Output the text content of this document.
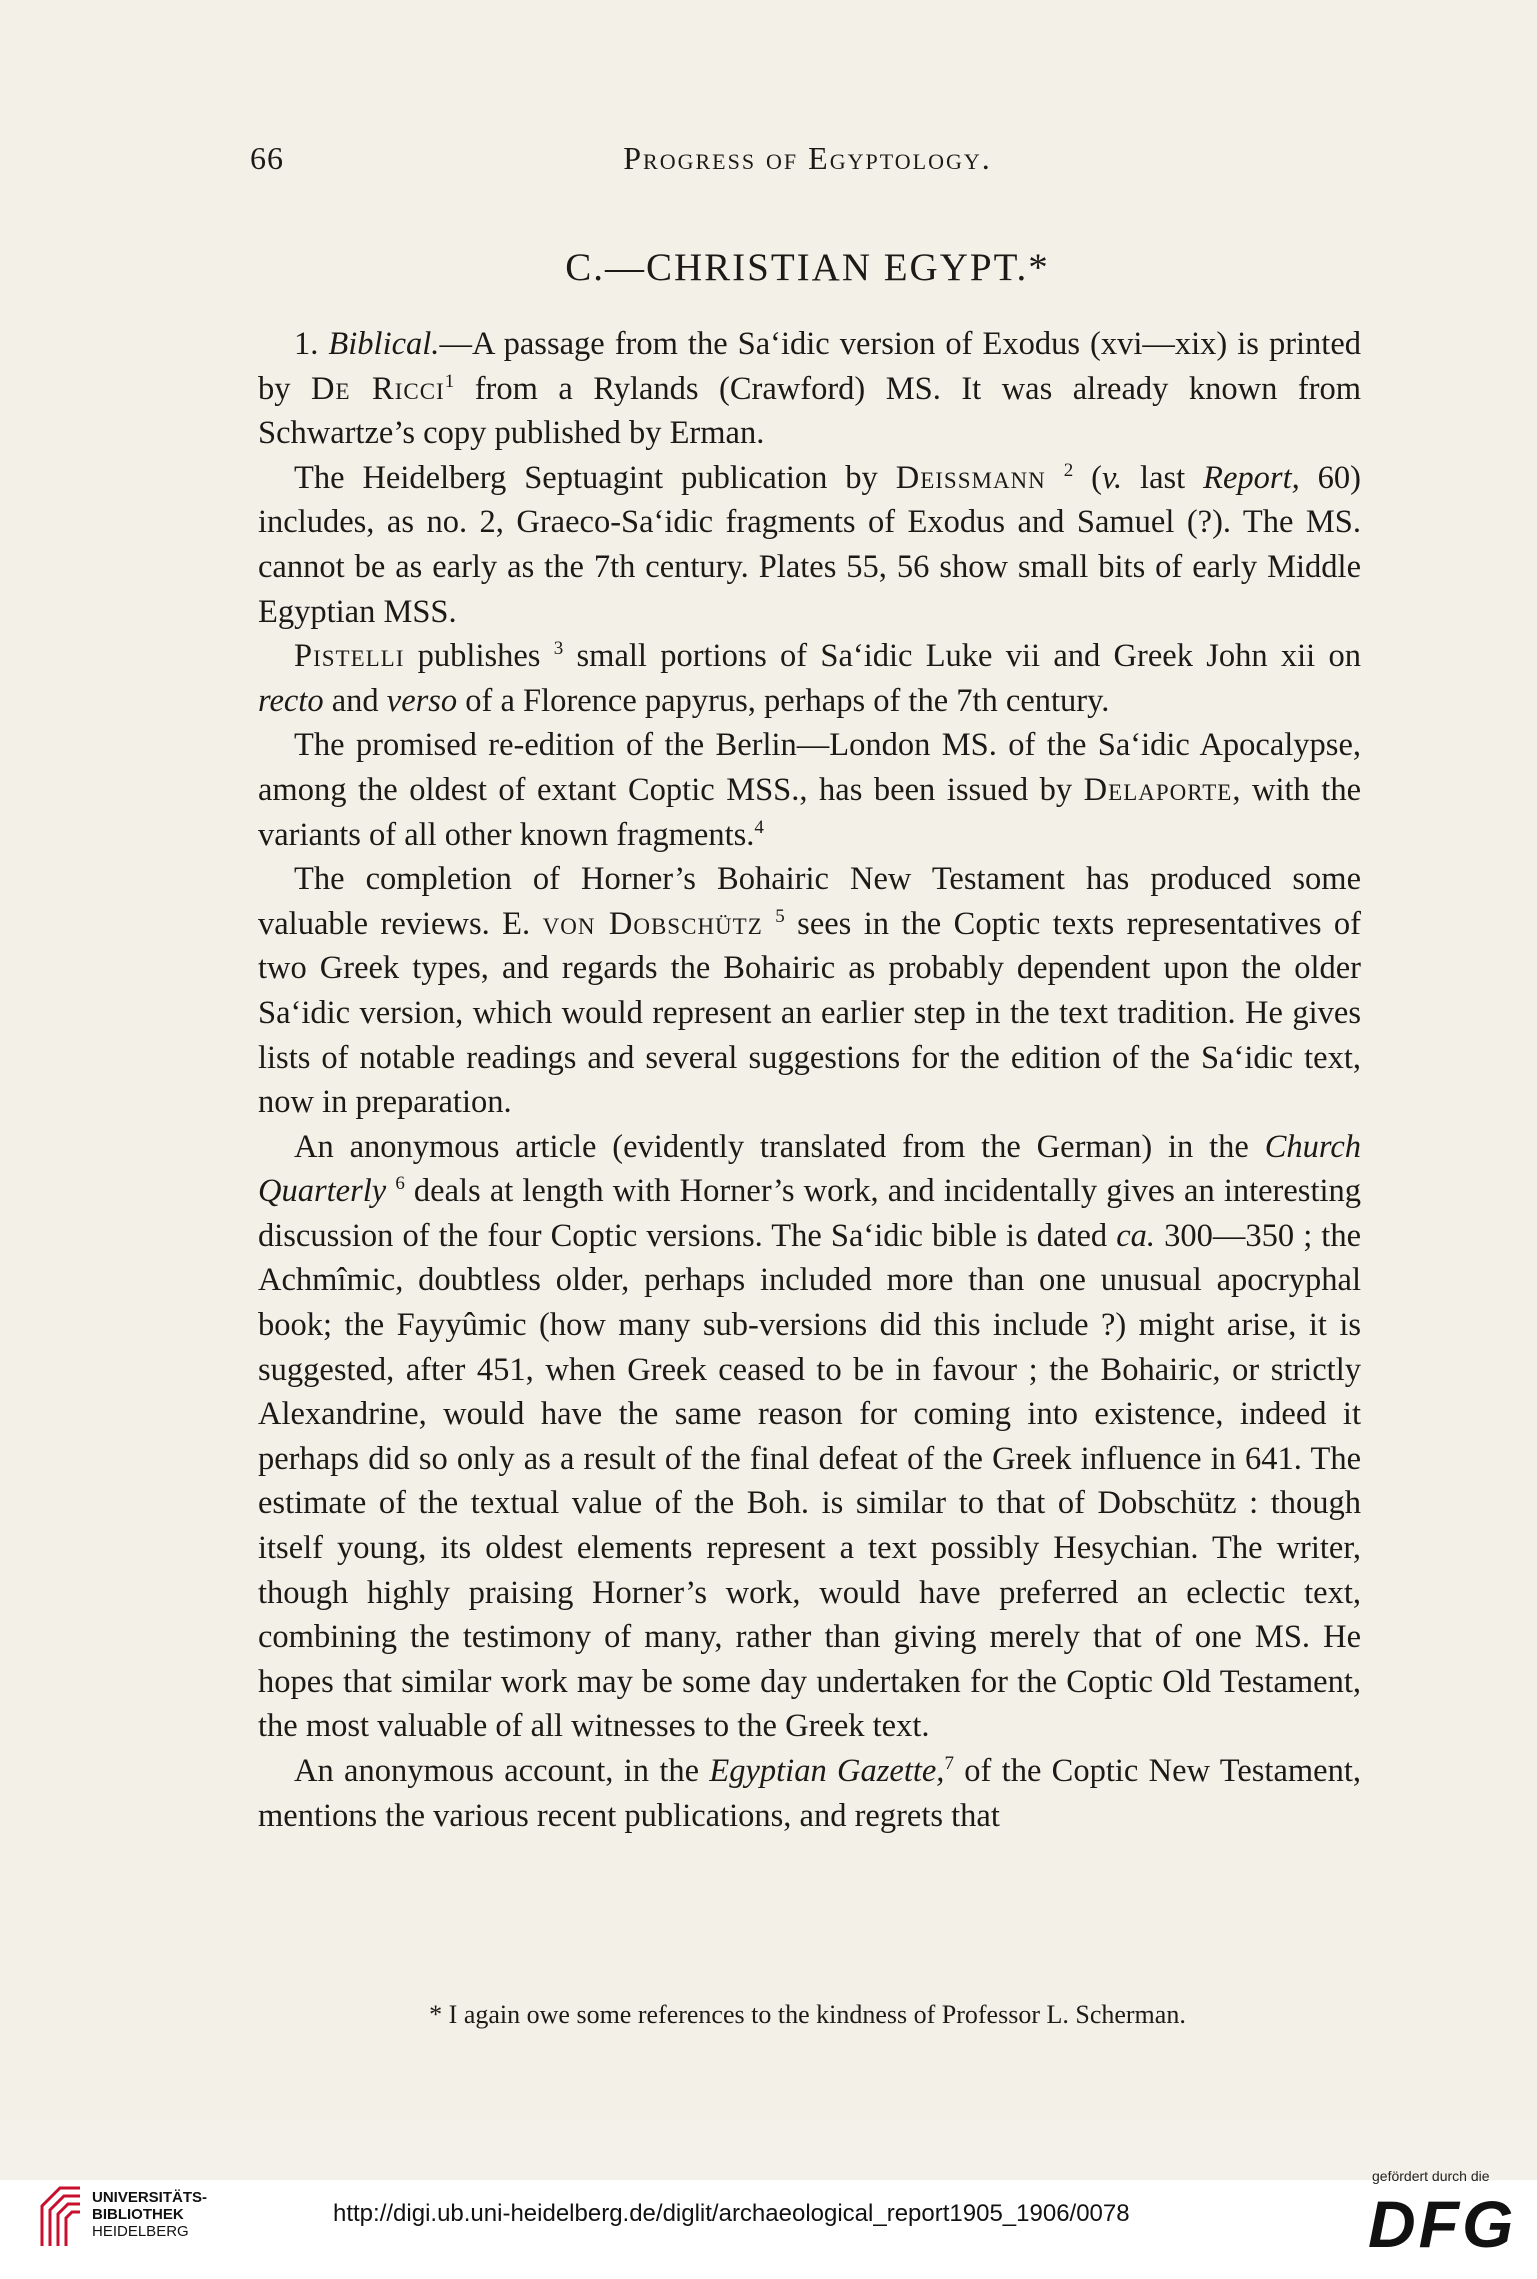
66	Progress of Egyptology.
C.—CHRISTIAN EGYPT.*

1. Biblical.—A passage from the Sa‘idic version of Exodus (xvi—xix) is printed by De Ricci$^1$ from a Rylands (Crawford) MS. It was already known from Schwartze’s copy published by Erman.

The Heidelberg Septuagint publication by Deissmann $^2$ (v. last Report, 60) includes, as no. 2, Graeco-Sa‘idic fragments of Exodus and Samuel (?). The MS. cannot be as early as the 7th century. Plates 55, 56 show small bits of early Middle Egyptian MSS.

Pistelli publishes $^3$ small portions of Sa‘idic Luke vii and Greek John xii on recto and verso of a Florence papyrus, perhaps of the 7th century.

The promised re-edition of the Berlin—London MS. of the Sa‘idic Apocalypse, among the oldest of extant Coptic MSS., has been issued by Delaporte, with the variants of all other known fragments.$^4$

The completion of Horner’s Bohairic New Testament has produced some valuable reviews. E. von Dobschütz $^5$ sees in the Coptic texts representatives of two Greek types, and regards the Bohairic as probably dependent upon the older Sa‘idic version, which would represent an earlier step in the text tradition. He gives lists of notable readings and several suggestions for the edition of the Sa‘idic text, now in preparation.

An anonymous article (evidently translated from the German) in the Church Quarterly $^6$ deals at length with Horner’s work, and incidentally gives an interesting discussion of the four Coptic versions. The Sa‘idic bible is dated ca. 300—350 ; the Achmîmic, doubtless older, perhaps included more than one unusual apocryphal book; the Fayyûmic (how many sub-versions did this include ?) might arise, it is suggested, after 451, when Greek ceased to be in favour ; the Bohairic, or strictly Alexandrine, would have the same reason for coming into existence, indeed it perhaps did so only as a result of the final defeat of the Greek influence in 641. The estimate of the textual value of the Boh. is similar to that of Dobschütz : though itself young, its oldest elements represent a text possibly Hesychian. The writer, though highly praising Horner’s work, would have preferred an eclectic text, combining the testimony of many, rather than giving merely that of one MS. He hopes that similar work may be some day undertaken for the Coptic Old Testament, the most valuable of all witnesses to the Greek text.

An anonymous account, in the Egyptian Gazette,$^7$ of the Coptic New Testament, mentions the various recent publications, and regrets that

* I again owe some references to the kindness of Professor L. Scherman.
UNIVERSITÄTS-
BIBLIOTHEK
HEIDELBERG
http://digi.ub.uni-heidelberg.de/diglit/archaeological_report1905_1906/0078
gefördert durch die
DFG
